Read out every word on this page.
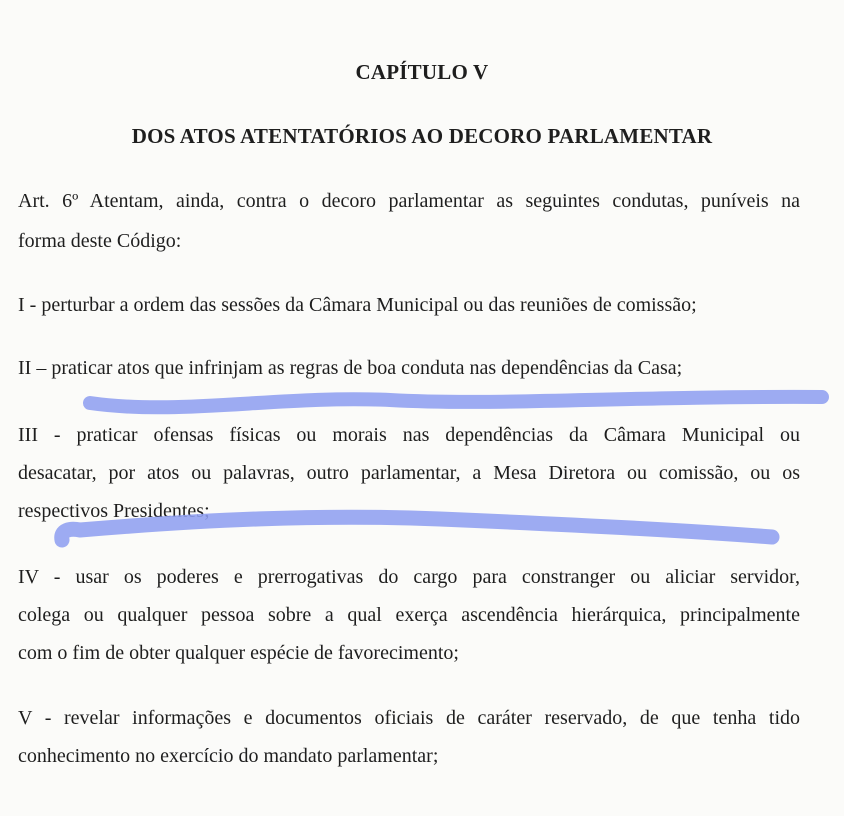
CAPÍTULO V
DOS ATOS ATENTATÓRIOS AO DECORO PARLAMENTAR
Art. 6º Atentam, ainda, contra o decoro parlamentar as seguintes condutas, puníveis na
forma deste Código:
I - perturbar a ordem das sessões da Câmara Municipal ou das reuniões de comissão;
II – praticar atos que infrinjam as regras de boa conduta nas dependências da Casa;
III - praticar ofensas físicas ou morais nas dependências da Câmara Municipal ou
desacatar, por atos ou palavras, outro parlamentar, a Mesa Diretora ou comissão, ou os
respectivos Presidentes;
IV - usar os poderes e prerrogativas do cargo para constranger ou aliciar servidor,
colega ou qualquer pessoa sobre a qual exerça ascendência hierárquica, principalmente
com o fim de obter qualquer espécie de favorecimento;
V - revelar informações e documentos oficiais de caráter reservado, de que tenha tido
conhecimento no exercício do mandato parlamentar;
